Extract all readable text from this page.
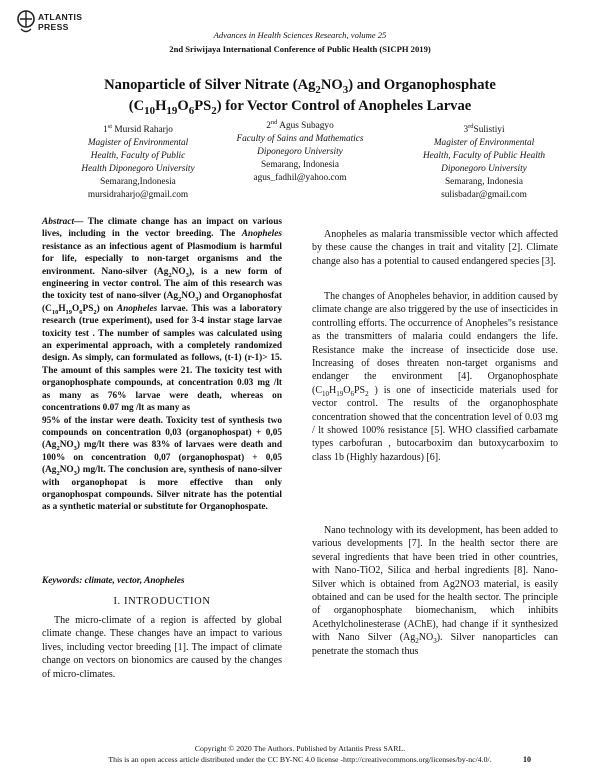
ATLANTIS
PRESS
Advances in Health Sciences Research, volume 25
2nd Sriwijaya International Conference of Public Health (SICPH 2019)
Nanoparticle of Silver Nitrate $(Ag_2NO_3)$ and Organophosphate
$(C_{10}H_{19}O_6PS_2)$ for Vector Control of Anopheles Larvae
1st Mursid Raharjo
Magister of Environmental
Health, Faculty of Public
Health Diponegoro University
Semarang,Indonesia
mursidraharjo@gmail.com
2nd Agus Subagyo
Faculty of Sains and Mathematics
Diponegoro University
Semarang, Indonesia
agus_fadhil@yahoo.com
3rdSulistiyi
Magister of Environmental
Health, Faculty of Public Health
Diponegoro University
Semarang, Indonesia
sulisbadar@gmail.com
Abstract— The climate change has an impact on various lives, including in the vector breeding. The Anopheles resistance as an infectious agent of Plasmodium is harmful for life, especially to non-target organisms and the environment. Nano-silver $(Ag_2NO_3)$, is a new form of engineering in vector control. The aim of this research was the toxicity test of nano-silver $(Ag_2NO_3)$ and Organophosfat $(C_{10}H_{19}O_6PS_2)$ on Anopheles larvae. This was a laboratory research (true experiment), used for 3-4 instar stage larvae toxicity test . The number of samples was calculated using an experimental approach, with a completely randomized design. As simply, can formulated as follows, (t-1) (r-1)> 15. The amount of this samples were 21. The toxicity test with organophosphate compounds, at concentration 0.03 mg /lt as many as 76% larvae were death, whereas on concentrations 0.07 mg /lt as many as
95% of the instar were death. Toxicity test of synthesis two compounds on concentration 0,03 (organophospat) + 0,05 $(Ag_2NO_3)$ mg/lt there was 83% of larvaes were death and 100% on concentration 0,07 (organophospat) + 0,05 $(Ag_2NO_3)$ mg/lt. The conclusion are, synthesis of nano-silver with organophopat is more effective than only organophospat compounds. Silver nitrate has the potential as a synthetic material or substitute for Organophospate.
Keywords: climate, vector, Anopheles
I. INTRODUCTION
The micro-climate of a region is affected by global climate change. These changes have an impact to various lives, including vector breeding [1]. The impact of climate change on vectors on bionomics are caused by the changes of micro-climates.

Anopheles as malaria transmissible vector which affected by these cause the changes in trait and vitality [2]. Climate change also has a potential to caused endangered species [3].

The changes of Anopheles behavior, in addition caused by climate change are also triggered by the use of insecticides in controlling efforts. The occurrence of Anopheles"s resistance as the transmitters of malaria could endangers the life. Resistance make the increase of insecticide dose use. Increasing of doses threaten non-target organisms and endanger the environment [4]. Organophosphate ($C_{10}H_{19}O_6PS_2$ ) is one of insecticide materials used for vector control. The results of the organophosphate concentration showed that the concentration level of 0.03 mg / lt showed 100% resistance [5]. WHO classified carbamate types carbofuran , butocarboxim dan butoxycarboxim to class 1b (Highly hazardous) [6].

Nano technology with its development, has been added to various developments [7]. In the health sector there are several ingredients that have been tried in other countries, with Nano-TiO2, Silica and herbal ingredients [8]. Nano-Silver which is obtained from Ag2NO3 material, is easily obtained and can be used for the health sector. The principle of organophosphate biomechanism, which inhibits Acethylcholinesterase (AChE), had change if it synthesized with Nano Silver $(Ag_2NO_3)$. Silver nanoparticles can penetrate the stomach thus

Copyright © 2020 The Authors. Published by Atlantis Press SARL.
This is an open access article distributed under the CC BY-NC 4.0 license -http://creativecommons.org/licenses/by-nc/4.0/.	10
